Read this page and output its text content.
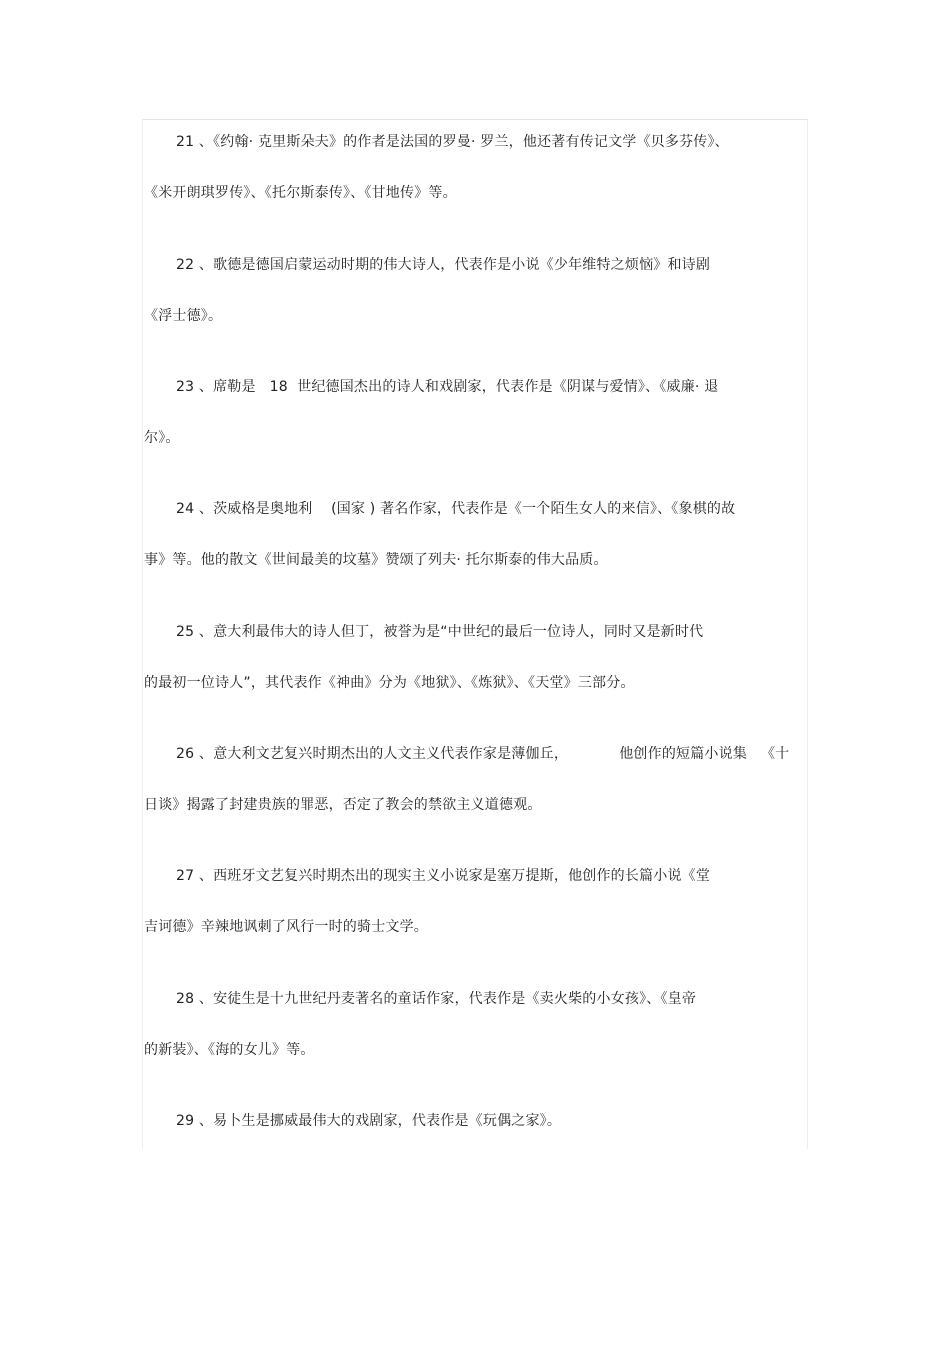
21 、《约翰· 克里斯朵夫》的作者是法国的罗曼· 罗兰，他还著有传记文学《贝多芬传》、
《米开朗琪罗传》、《托尔斯泰传》、《甘地传》等。
22 、歌德是德国启蒙运动时期的伟大诗人，代表作是小说《少年维特之烦恼》和诗剧
《浮士德》。
23 、席勒是   18  世纪德国杰出的诗人和戏剧家，代表作是《阴谋与爱情》、《威廉· 退
尔》。
24 、茨威格是奥地利    (国家 ) 著名作家，代表作是《一个陌生女人的来信》、《象棋的故
事》等。他的散文《世间最美的坟墓》赞颂了列夫· 托尔斯泰的伟大品质。
25 、意大利最伟大的诗人但丁，被誉为是“中世纪的最后一位诗人，同时又是新时代
的最初一位诗人”，其代表作《神曲》分为《地狱》、《炼狱》、《天堂》三部分。
26 、意大利文艺复兴时期杰出的人文主义代表作家是薄伽丘，           他创作的短篇小说集   《十
日谈》揭露了封建贵族的罪恶，否定了教会的禁欲主义道德观。
27 、西班牙文艺复兴时期杰出的现实主义小说家是塞万提斯，他创作的长篇小说《堂
吉诃德》辛辣地讽刺了风行一时的骑士文学。
28 、安徒生是十九世纪丹麦著名的童话作家，代表作是《卖火柴的小女孩》、《皇帝
的新装》、《海的女儿》等。
29 、易卜生是挪威最伟大的戏剧家，代表作是《玩偶之家》。
